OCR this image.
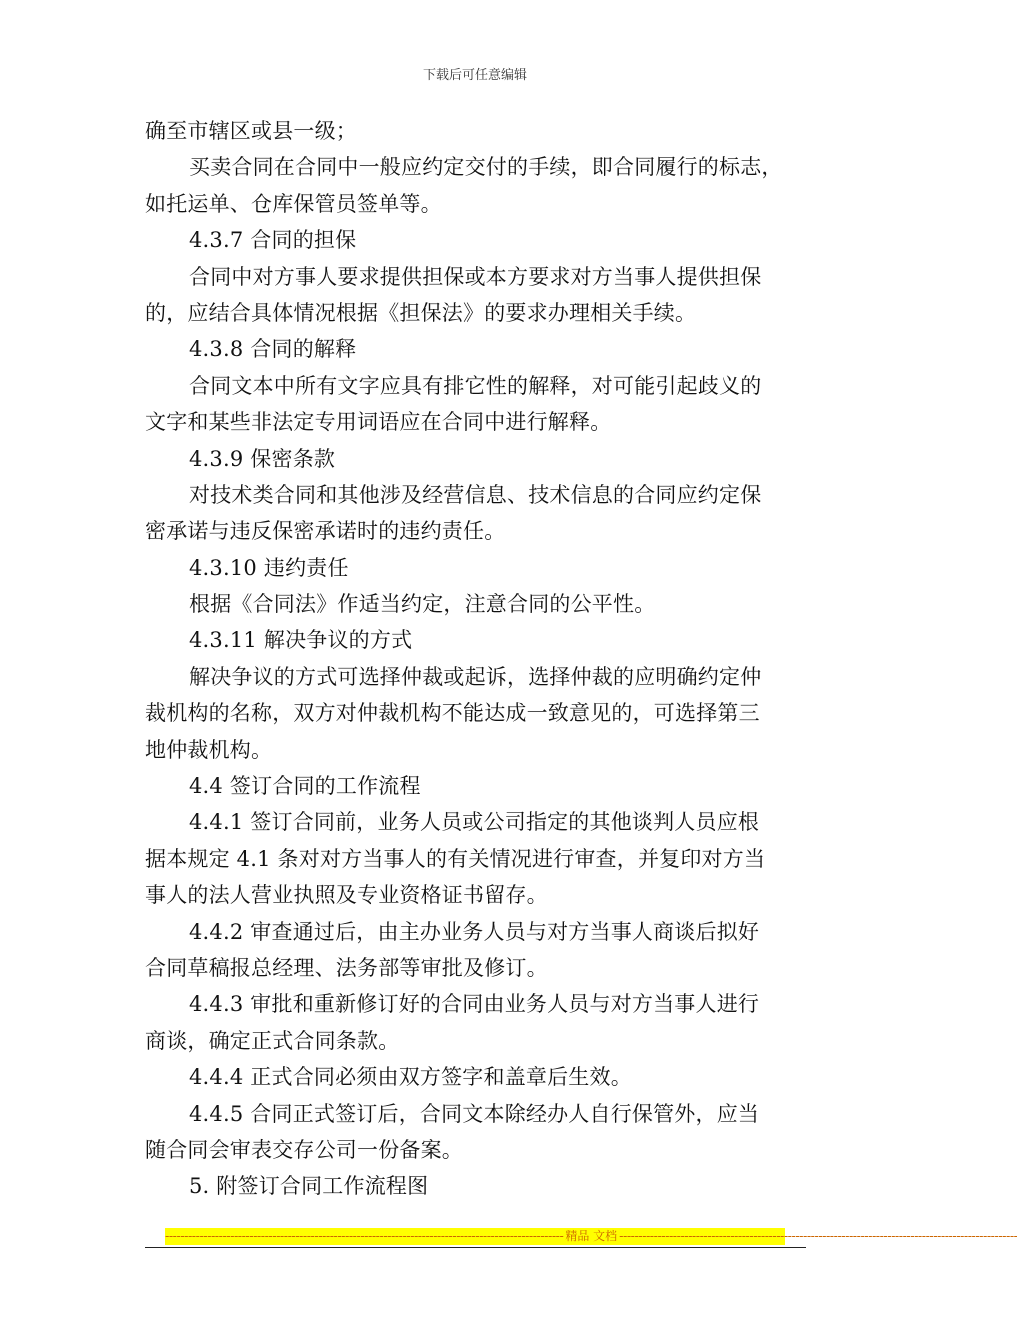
下载后可任意编辑
确至市辖区或县一级；
买卖合同在合同中一般应约定交付的手续，即合同履行的标志，
如托运单、仓库保管员签单等。
4.3.7 合同的担保
合同中对方事人要求提供担保或本方要求对方当事人提供担保
的，应结合具体情况根据《担保法》的要求办理相关手续。
4.3.8 合同的解释
合同文本中所有文字应具有排它性的解释，对可能引起歧义的
文字和某些非法定专用词语应在合同中进行解释。
4.3.9 保密条款
对技术类合同和其他涉及经营信息、技术信息的合同应约定保
密承诺与违反保密承诺时的违约责任。
4.3.10 违约责任
根据《合同法》作适当约定，注意合同的公平性。
4.3.11 解决争议的方式
解决争议的方式可选择仲裁或起诉，选择仲裁的应明确约定仲
裁机构的名称，双方对仲裁机构不能达成一致意见的，可选择第三
地仲裁机构。
4.4 签订合同的工作流程
4.4.1 签订合同前，业务人员或公司指定的其他谈判人员应根
据本规定 4.1 条对对方当事人的有关情况进行审查，并复印对方当
事人的法人营业执照及专业资格证书留存。
4.4.2 审查通过后，由主办业务人员与对方当事人商谈后拟好
合同草稿报总经理、法务部等审批及修订。
4.4.3 审批和重新修订好的合同由业务人员与对方当事人进行
商谈，确定正式合同条款。
4.4.4 正式合同必须由双方签字和盖章后生效。
4.4.5 合同正式签订后，合同文本除经办人自行保管外，应当
随合同会审表交存公司一份备案。
5. 附签订合同工作流程图
-------------------------------------------------------------------------------------------------------- 精品 文档 --------------------------------------------------------------------------------------------------------
